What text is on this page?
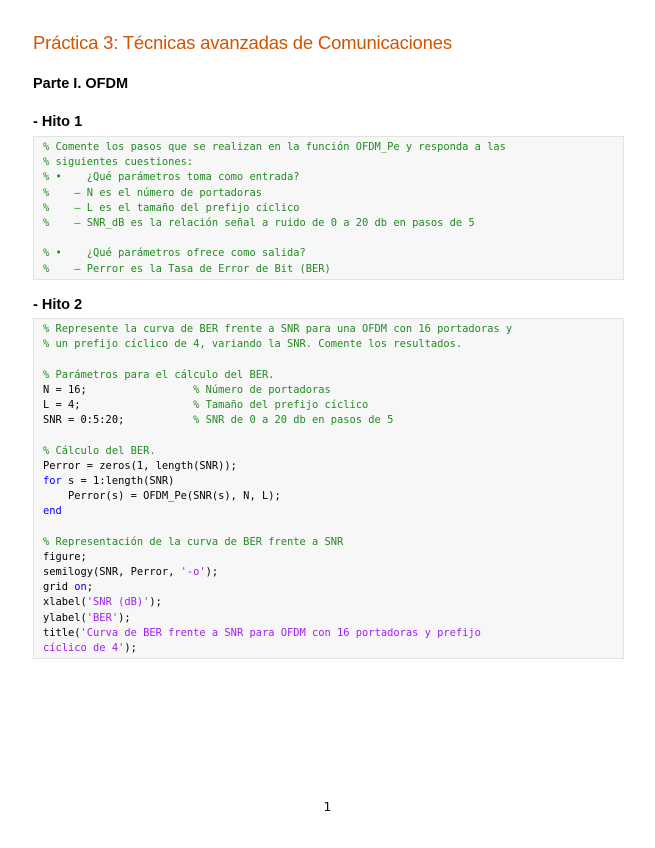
Práctica 3: Técnicas avanzadas de Comunicaciones
Parte I. OFDM
- Hito 1
% Comente los pasos que se realizan en la función OFDM_Pe y responda a las
% siguientes cuestiones:
% •    ¿Qué parámetros toma como entrada?
%    – N es el número de portadoras
%    – L es el tamaño del prefijo cíclico
%    – SNR_dB es la relación señal a ruido de 0 a 20 db en pasos de 5
% •    ¿Qué parámetros ofrece como salida?
%    – Perror es la Tasa de Error de Bit (BER)
- Hito 2
% Represente la curva de BER frente a SNR para una OFDM con 16 portadoras y
% un prefijo cíclico de 4, variando la SNR. Comente los resultados.
% Parámetros para el cálculo del BER.
N = 16;                 % Número de portadoras
L = 4;                  % Tamaño del prefijo cíclico
SNR = 0:5:20;           % SNR de 0 a 20 db en pasos de 5
% Cálculo del BER.
Perror = zeros(1, length(SNR));
for s = 1:length(SNR)
Perror(s) = OFDM_Pe(SNR(s), N, L);
end
% Representación de la curva de BER frente a SNR
figure;
semilogy(SNR, Perror, '-o');
grid on;
xlabel('SNR (dB)');
ylabel('BER');
title('Curva de BER frente a SNR para OFDM con 16 portadoras y prefijo
cíclico de 4');
1
